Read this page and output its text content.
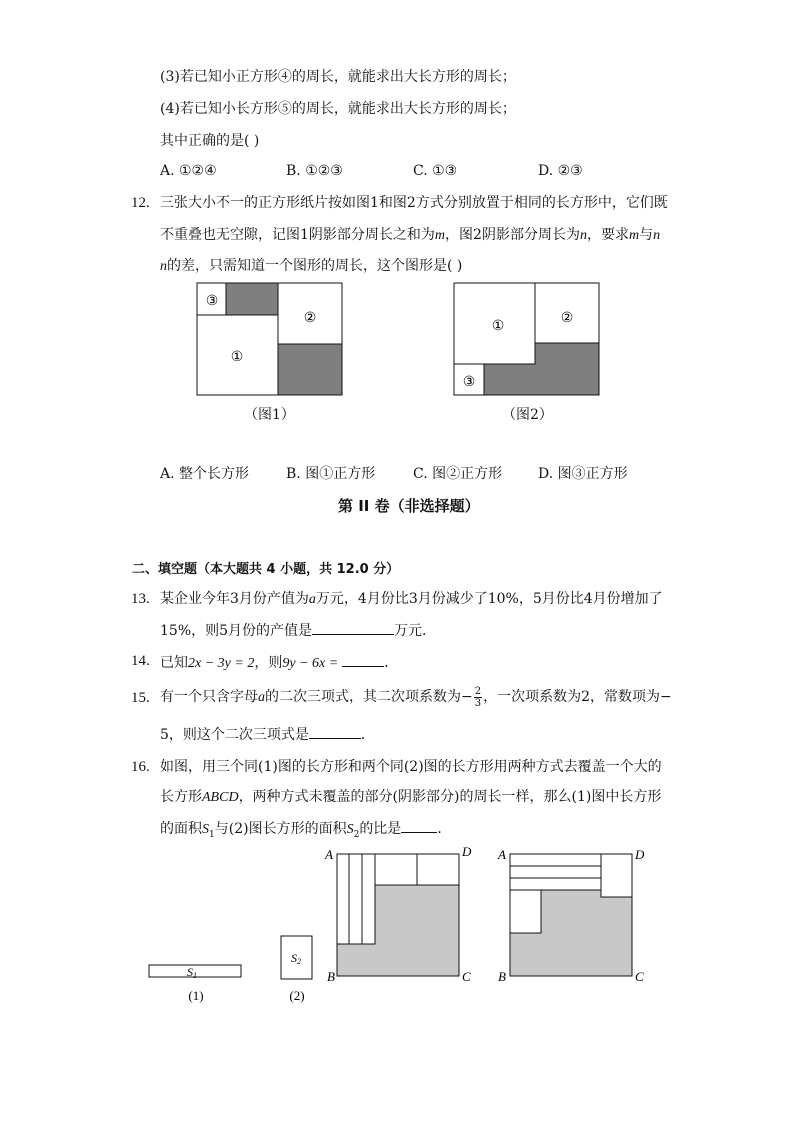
(3)若已知小正方形④的周长，就能求出大长方形的周长；
(4)若已知小长方形⑤的周长，就能求出大长方形的周长；
其中正确的是( )
A. ①②④	B. ①②③	C. ①③	D. ②③
12. 三张大小不一的正方形纸片按如图1和图2方式分别放置于相同的长方形中，它们既
不重叠也无空隙，记图1阴影部分周长之和为m，图2阴影部分周长为n，要求m与n
n的差，只需知道一个图形的周长，这个图形是( )
③
①
②
（图1）
①
②
③
（图2）
A. 整个长方形	B. 图①正方形	C. 图②正方形	D. 图③正方形
第 II 卷（非选择题）
二、填空题（本大题共 4 小题，共 12.0 分）
13. 某企业今年3月份产值为a万元，4月份比3月份减少了10%，5月份比4月份增加了
15%，则5月份的产值是	万元．
14. 已知2x − 3y = 2，则9y − 6x =	．
15. 有一个只含字母a的二次三项式，其二次项系数为− $\frac{2}{3}$ ，一次项系数为2，常数项为−
5，则这个二次三项式是	．
16. 如图，用三个同(1)图的长方形和两个同(2)图的长方形用两种方式去覆盖一个大的
长方形ABCD，两种方式未覆盖的部分(阴影部分)的周长一样，那么(1)图中长方形
的面积$S_1$与(2)图长方形的面积$S_2$的比是	．
S1
(1)
S2
(2)
A	D
B	C
A	D
B	C
